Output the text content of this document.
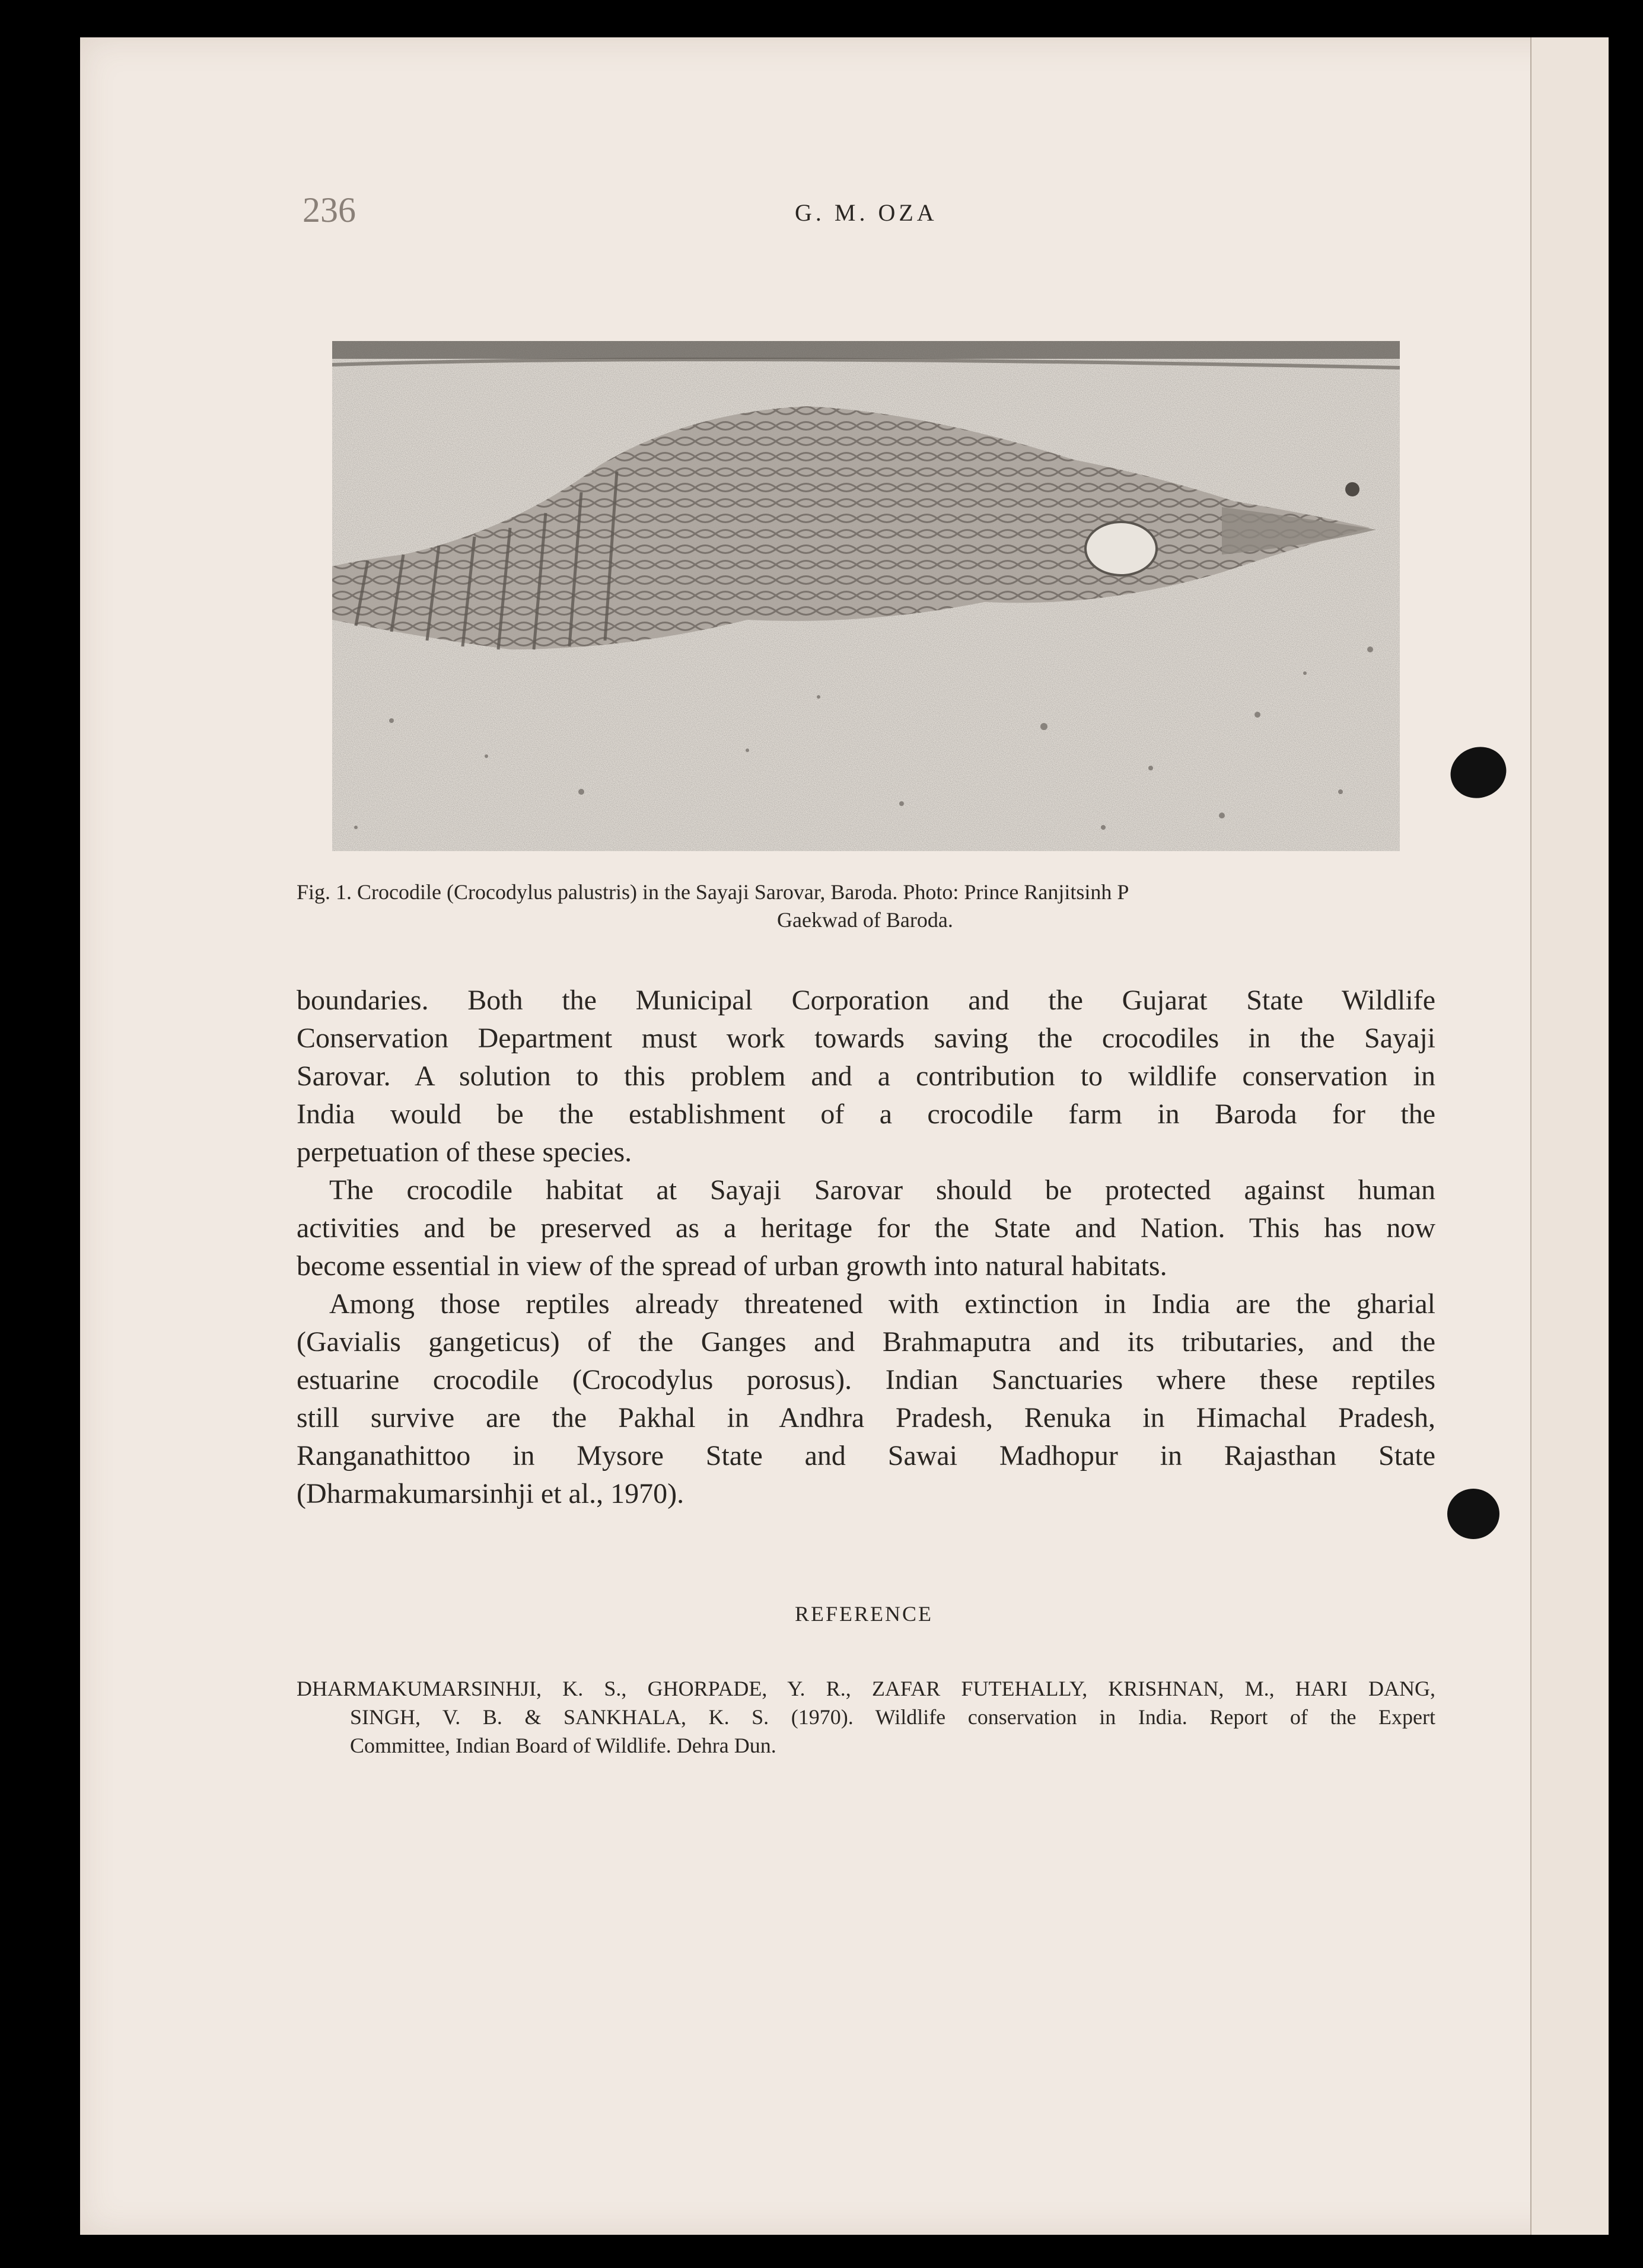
236	G. M. OZA
Fig. 1. Crocodile (Crocodylus palustris) in the Sayaji Sarovar, Baroda. Photo: Prince Ranjitsinh P
Gaekwad of Baroda.

boundaries. Both the Municipal Corporation and the Gujarat State Wildlife
Conservation Department must work towards saving the crocodiles in the Sayaji
Sarovar. A solution to this problem and a contribution to wildlife conservation in
India would be the establishment of a crocodile farm in Baroda for the
perpetuation of these species.

The crocodile habitat at Sayaji Sarovar should be protected against human
activities and be preserved as a heritage for the State and Nation. This has now
become essential in view of the spread of urban growth into natural habitats.

Among those reptiles already threatened with extinction in India are the gharial
(Gavialis gangeticus) of the Ganges and Brahmaputra and its tributaries, and the
estuarine crocodile (Crocodylus porosus). Indian Sanctuaries where these reptiles
still survive are the Pakhal in Andhra Pradesh, Renuka in Himachal Pradesh,
Ranganathittoo in Mysore State and Sawai Madhopur in Rajasthan State
(Dharmakumarsinhji et al., 1970).

REFERENCE
DHARMAKUMARSINHJI, K. S., GHORPADE, Y. R., ZAFAR FUTEHALLY, KRISHNAN, M., HARI DANG,
SINGH, V. B. & SANKHALA, K. S. (1970). Wildlife conservation in India. Report of the Expert
Committee, Indian Board of Wildlife. Dehra Dun.
